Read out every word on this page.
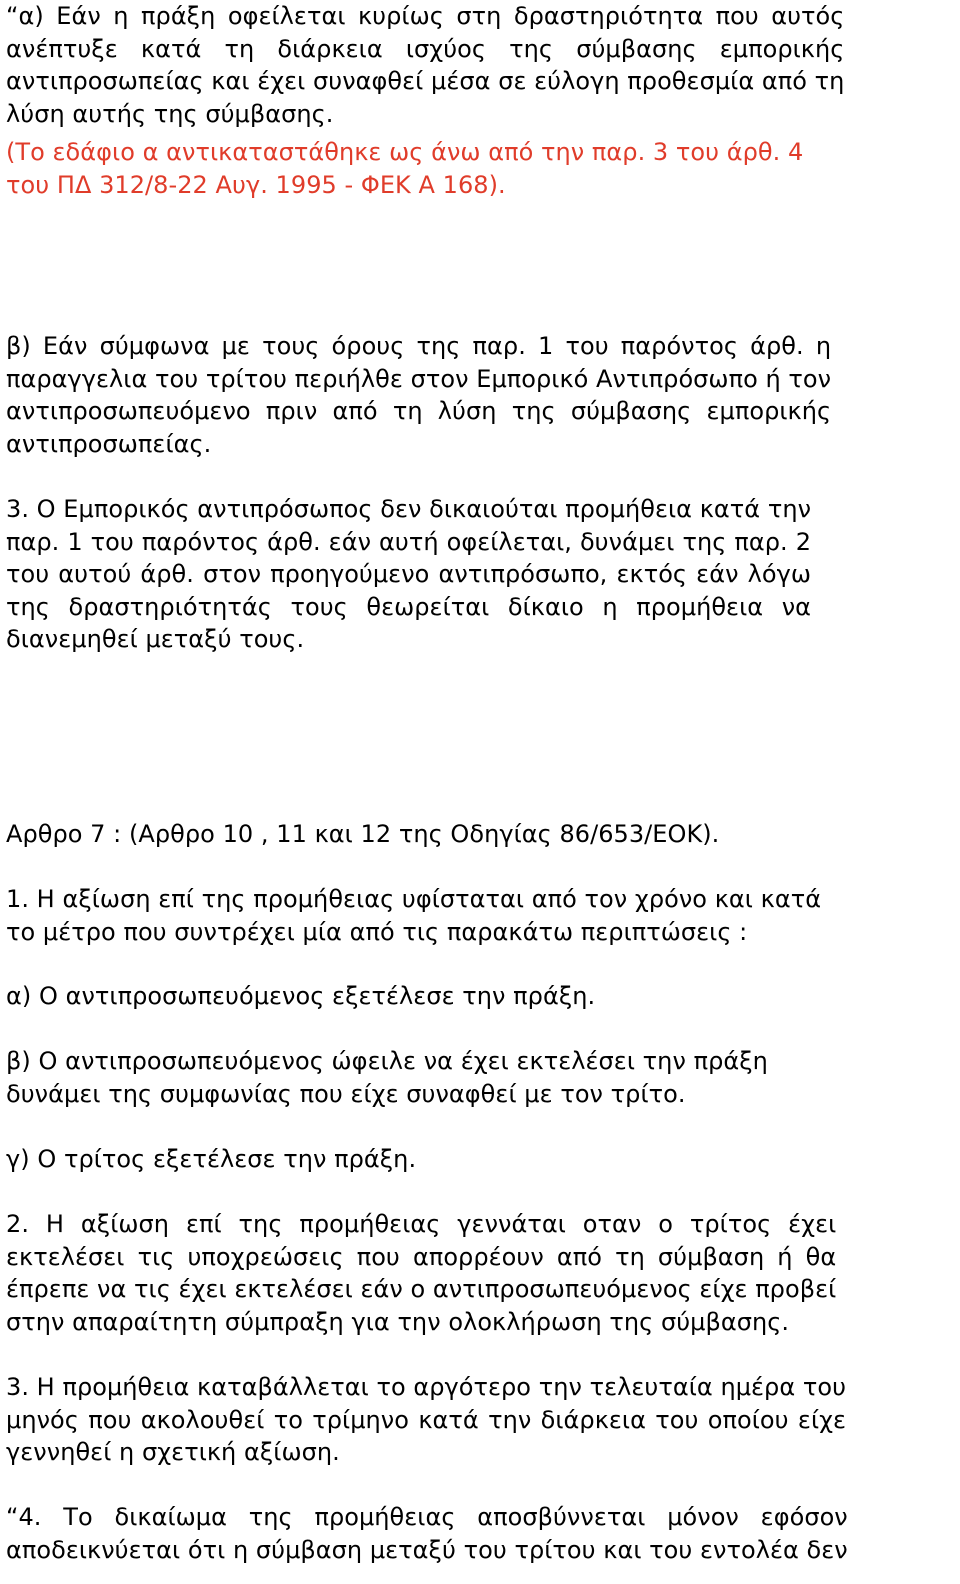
“α) Εάν η πράξη οφείλεται κυρίως στη δραστηριότητα που αυτός
ανέπτυξε κατά τη διάρκεια ισχύος της σύμβασης εμπορικής
αντιπροσωπείας και έχει συναφθεί μέσα σε εύλογη προθεσμία από τη
λύση αυτής της σύμβασης.

(Το εδάφιο α αντικαταστάθηκε ως άνω από την παρ. 3 του άρθ. 4
του ΠΔ 312/8-22 Αυγ. 1995 - ΦΕΚ Α 168).

β) Εάν σύμφωνα με τους όρους της παρ. 1 του παρόντος άρθ. η
παραγγελια του τρίτου περιήλθε στον Εμπορικό Αντιπρόσωπο ή τον
αντιπροσωπευόμενο πριν από τη λύση της σύμβασης εμπορικής
αντιπροσωπείας.

3. Ο Εμπορικός αντιπρόσωπος δεν δικαιούται προμήθεια κατά την
παρ. 1 του παρόντος άρθ. εάν αυτή οφείλεται, δυνάμει της παρ. 2
του αυτού άρθ. στον προηγούμενο αντιπρόσωπο, εκτός εάν λόγω
της δραστηριότητάς τους θεωρείται δίκαιο η προμήθεια να
διανεμηθεί μεταξύ τους.

Αρθρο 7 : (Αρθρο 10 , 11 και 12 της Οδηγίας 86/653/ΕΟΚ).

1. Η αξίωση επί της προμήθειας υφίσταται από τον χρόνο και κατά
το μέτρο που συντρέχει μία από τις παρακάτω περιπτώσεις :

α) Ο αντιπροσωπευόμενος εξετέλεσε την πράξη.

β) Ο αντιπροσωπευόμενος ώφειλε να έχει εκτελέσει την πράξη
δυνάμει της συμφωνίας που είχε συναφθεί με τον τρίτο.

γ) Ο τρίτος εξετέλεσε την πράξη.

2. Η αξίωση επί της προμήθειας γεννάται οταν ο τρίτος έχει
εκτελέσει τις υποχρεώσεις που απορρέουν από τη σύμβαση ή θα
έπρεπε να τις έχει εκτελέσει εάν ο αντιπροσωπευόμενος είχε προβεί
στην απαραίτητη σύμπραξη για την ολοκλήρωση της σύμβασης.

3. Η προμήθεια καταβάλλεται το αργότερο την τελευταία ημέρα του
μηνός που ακολουθεί το τρίμηνο κατά την διάρκεια του οποίου είχε
γεννηθεί η σχετική αξίωση.

“4. Το δικαίωμα της προμήθειας αποσβύννεται μόνον εφόσον
αποδεικνύεται ότι η σύμβαση μεταξύ του τρίτου και του εντολέα δεν
